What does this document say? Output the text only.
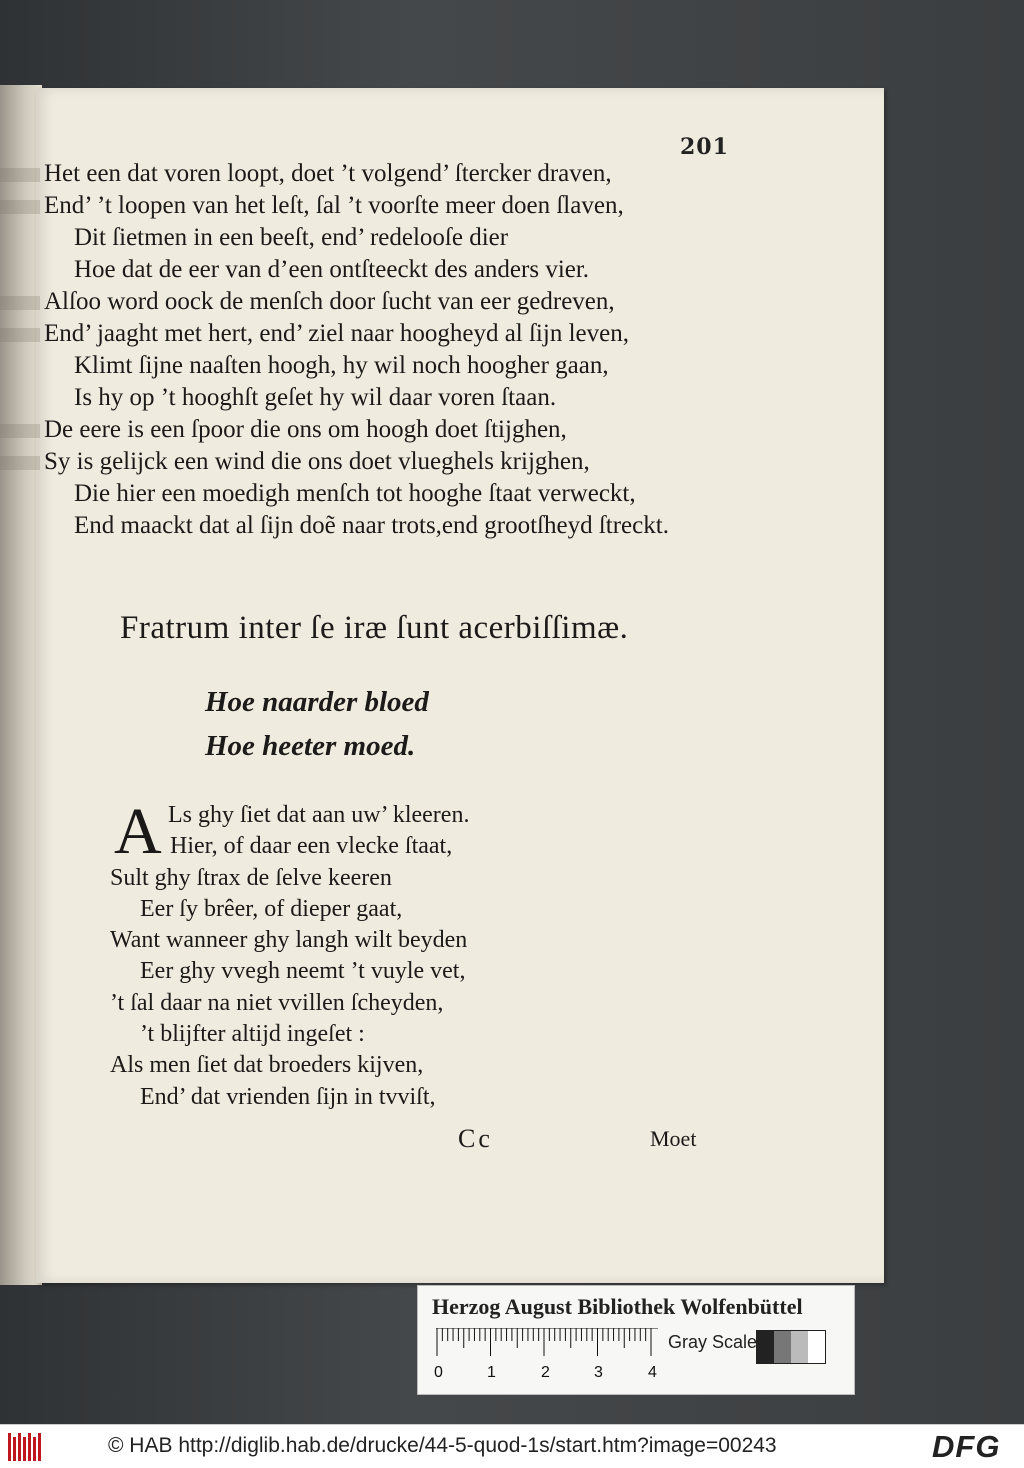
201
Het een dat voren loopt, doet ’t volgend’ ſtercker draven,
End’ ’t loopen van het leſt, ſal ’t voorſte meer doen ſlaven,
Dit ſietmen in een beeſt, end’ redelooſe dier
Hoe dat de eer van d’een ontſteeckt des anders vier.
Alſoo word oock de menſch door ſucht van eer gedreven,
End’ jaaght met hert, end’ ziel naar hoogheyd al ſijn leven,
Klimt ſijne naaſten hoogh, hy wil noch hoogher gaan,
Is hy op ’t hooghſt geſet hy wil daar voren ſtaan.
De eere is een ſpoor die ons om hoogh doet ſtijghen,
Sy is gelijck een wind die ons doet vlueghels krijghen,
Die hier een moedigh menſch tot hooghe ſtaat verweckt,
End maackt dat al ſijn doẽ naar trots,end grootſheyd ſtreckt.
Fratrum inter ſe iræ ſunt acerbiſſimæ.
Hoe naarder bloed
Hoe heeter moed.
A Ls ghy ſiet dat aan uw’ kleeren.
Hier, of daar een vlecke ſtaat,
Sult ghy ſtrax de ſelve keeren
Eer ſy brêer, of dieper gaat,
Want wanneer ghy langh wilt beyden
Eer ghy vvegh neemt ’t vuyle vet,
’t ſal daar na niet vvillen ſcheyden,
’t blijfter altijd ingeſet :
Als men ſiet dat broeders kijven,
End’ dat vrienden ſijn in tvviſt,
Cc	Moet
Herzog August Bibliothek Wolfenbüttel
0	1	2	3	4
Gray Scale
© HAB http://diglib.hab.de/drucke/44-5-quod-1s/start.htm?image=00243	DFG
